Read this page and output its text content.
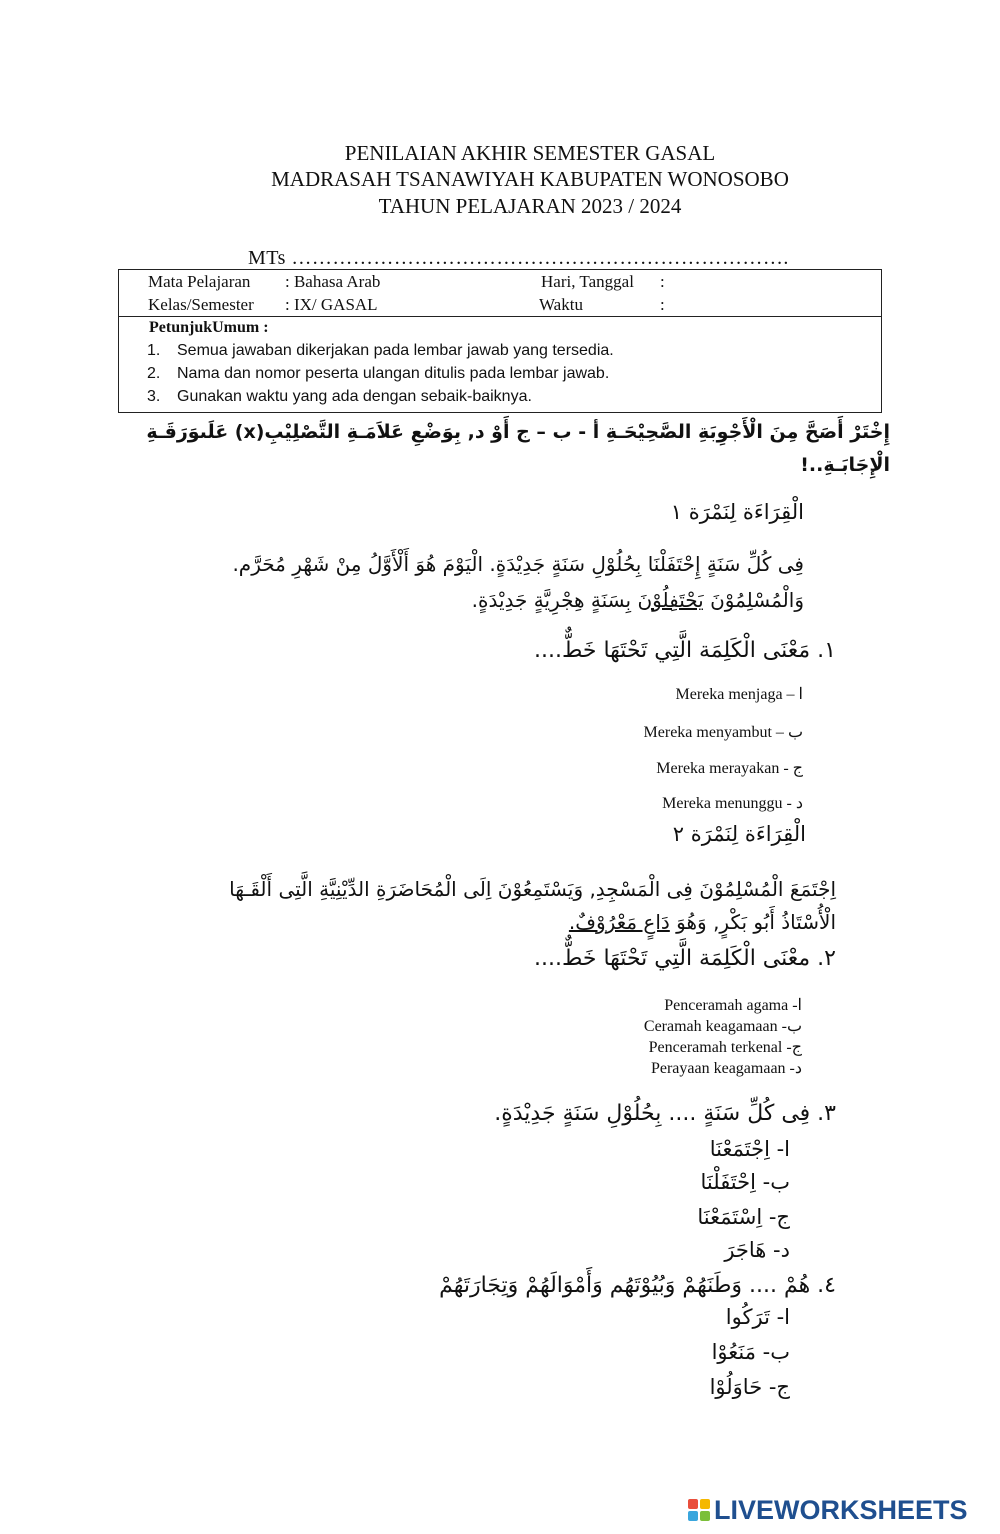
PENILAIAN AKHIR SEMESTER GASAL
MADRASAH TSANAWIYAH KABUPATEN WONOSOBO
TAHUN PELAJARAN 2023 / 2024
MTs ……………………………………………………………….
Mata Pelajaran : Bahasa Arab	Hari, Tanggal :
Kelas/Semester : IX/ GASAL	Waktu	:
PetunjukUmum :
1. Semua jawaban dikerjakan pada lembar jawab yang tersedia.
2. Nama dan nomor peserta ulangan ditulis pada lembar jawab.
3. Gunakan waktu yang ada dengan sebaik-baiknya.
إِخْتَرْ أَصَحَّ مِنَ الْأَجْوِبَةِ الصَّحِيْحَـةِ أ - ب – ج أَوْ د, بِوَضْعِ عَلاَمَـةِ التَّصْلِيْبِ(x) عَلَىوَرَقَـةِ
الْإِجَابَـةِ..!
الْقِرَاءَة لِنَمْرَة ١
فِى كُلِّ سَنَةٍ إِحْتَفَلْنَا بِحُلُوْلِ سَنَةٍ جَدِيْدَةٍ. الْيَوْمَ هُوَ أَلْأَوَّلُ مِنْ شَهْرِ مُحَرَّم.
وَالْمُسْلِمُوْنَ يَحْتَفِلُوْنَ بِسَنَةٍ هِجْرِيَّةٍ جَدِيْدَةٍ.
١. مَعْنَى الْكَلِمَة الَّتِي تَحْتَهَا خَطٌّ....
Mereka menjaga – ا
Mereka menyambut – ب
Mereka merayakan - ج
Mereka menunggu - د
الْقِرَاءَة لِنَمْرَة ٢
اِجْتَمَعَ الْمُسْلِمُوْنَ فِى الْمَسْجِدِ, وَيَسْتَمِعُوْنَ اِلَى الْمُحَاضَرَةِ الدِّيْنِيَّةِ الَّتِى أَلْقَـهَا
الْأُسْتَاذُ أَبُو بَكْرٍ, وَهُوَ دَاعٍ مَعْرُوْفٌ.
٢. معْنَى الْكَلِمَة الَّتِي تَحْتَهَا خَطٌّ....
Penceramah agama -ا
Ceramah keagamaan -ب
Penceramah terkenal -ج
Perayaan keagamaan -د
٣. فِى كُلِّ سَنَةٍ .... بِحُلُوْلِ سَنَةٍ جَدِيْدَةٍ.
ا- اِجْتَمَعْنَا
ب- اِحْتَفَلْنَا
ج- اِسْتَمَعْنَا
د- هَاجَرَ
٤. هُمْ .... وَطَنَهُمْ وَبُيُوْتَهُم وَأَمْوَالَهُمْ وَتِجَارَتَهُمْ
ا- تَرَكُوا
ب- مَنَعُوْا
ج- حَاوَلُوْا
LIVEWORKSHEETS
